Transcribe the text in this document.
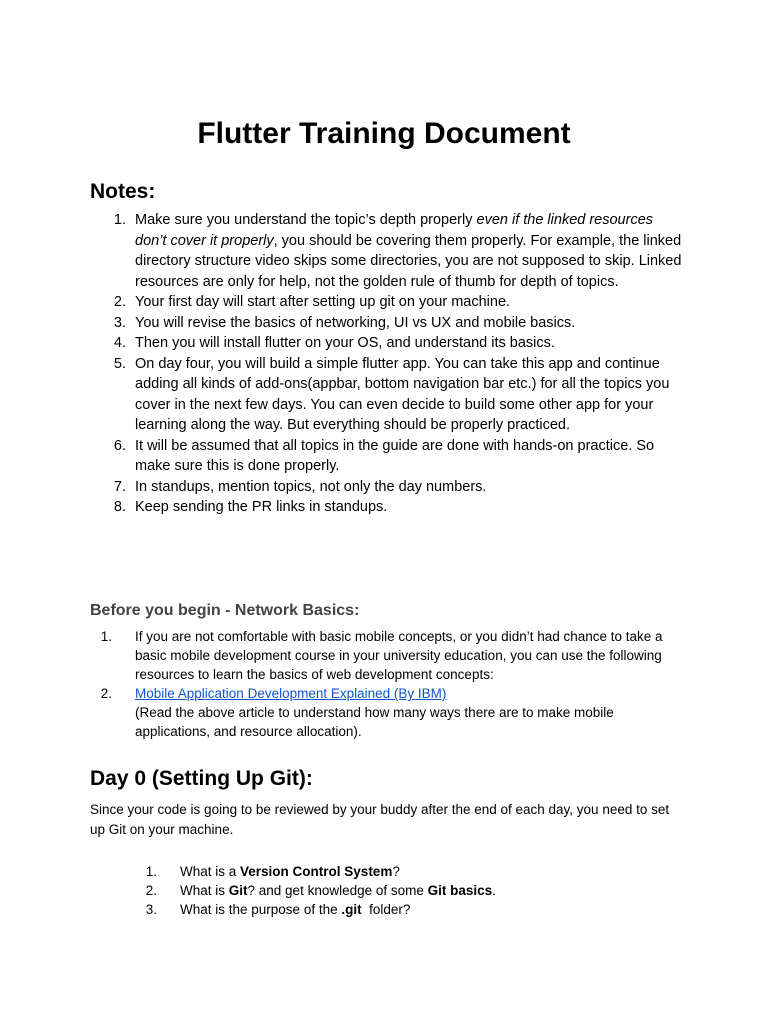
Flutter Training Document
Notes:
1. Make sure you understand the topic’s depth properly even if the linked resources don’t cover it properly, you should be covering them properly. For example, the linked directory structure video skips some directories, you are not supposed to skip. Linked resources are only for help, not the golden rule of thumb for depth of topics.
2. Your first day will start after setting up git on your machine.
3. You will revise the basics of networking, UI vs UX and mobile basics.
4. Then you will install flutter on your OS, and understand its basics.
5. On day four, you will build a simple flutter app. You can take this app and continue adding all kinds of add-ons(appbar, bottom navigation bar etc.) for all the topics you cover in the next few days. You can even decide to build some other app for your learning along the way. But everything should be properly practiced.
6. It will be assumed that all topics in the guide are done with hands-on practice. So make sure this is done properly.
7. In standups, mention topics, not only the day numbers.
8. Keep sending the PR links in standups.
Before you begin - Network Basics:
1. If you are not comfortable with basic mobile concepts, or you didn’t had chance to take a basic mobile development course in your university education, you can use the following resources to learn the basics of web development concepts:
2. Mobile Application Development Explained (By IBM)
(Read the above article to understand how many ways there are to make mobile applications, and resource allocation).
Day 0 (Setting Up Git):
Since your code is going to be reviewed by your buddy after the end of each day, you need to set up Git on your machine.
1. What is a Version Control System?
2. What is Git? and get knowledge of some Git basics.
3. What is the purpose of the .git  folder?
